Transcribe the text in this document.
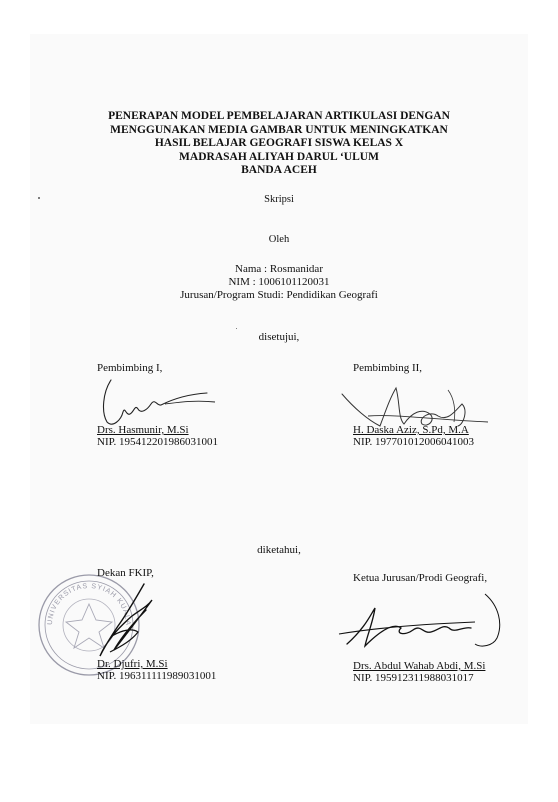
PENERAPAN MODEL PEMBELAJARAN ARTIKULASI DENGAN
MENGGUNAKAN MEDIA GAMBAR UNTUK MENINGKATKAN
HASIL BELAJAR GEOGRAFI SISWA KELAS X
MADRASAH ALIYAH DARUL ‘ULUM
BANDA ACEH
Skripsi
Oleh
Nama : Rosmanidar
NIM : 1006101120031
Jurusan/Program Studi: Pendidikan Geografi
disetujui,
Pembimbing I,
Drs. Hasmunir, M.Si
NIP. 195412201986031001
Pembimbing II,
H. Daska Aziz, S.Pd, M.A
NIP. 197701012006041003
diketahui,
UNIVERSITAS SYIAH KUALA
Dekan FKIP,
Dr. Djufri, M.Si
NIP. 196311111989031001
Ketua Jurusan/Prodi Geografi,
Drs. Abdul Wahab Abdi, M.Si
NIP. 195912311988031017
